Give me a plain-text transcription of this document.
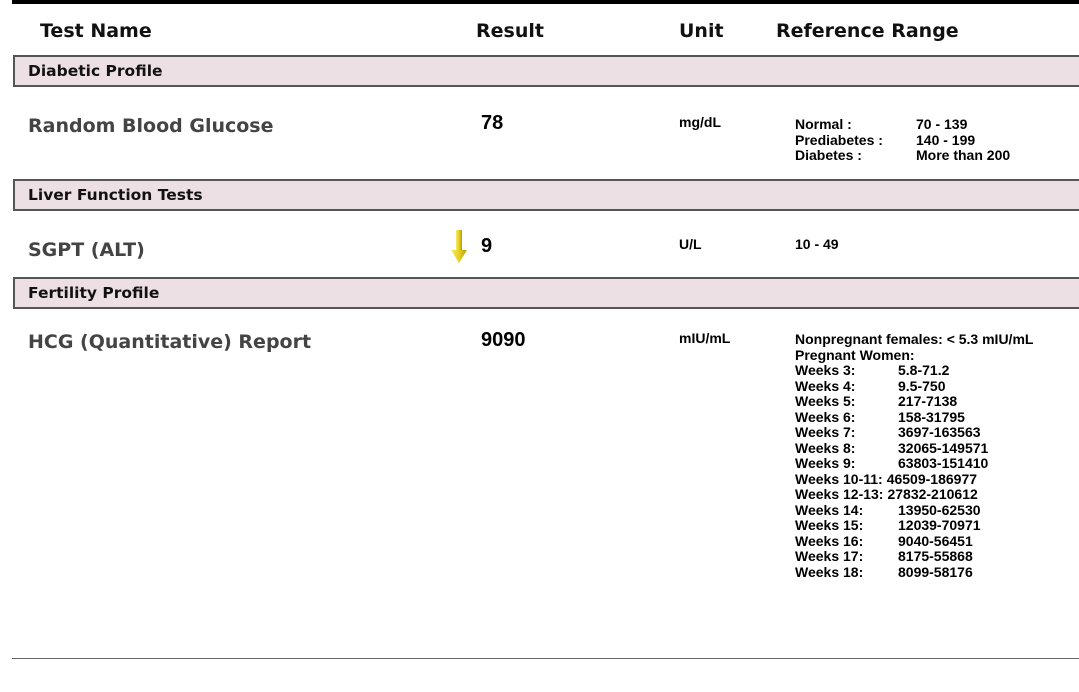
Test Name	Result	Unit	Reference Range
Diabetic Profile
Random Blood Glucose	78	mg/dL	Normal :	70 - 139
Prediabetes : 140 - 199
Diabetes :	More than 200
Liver Function Tests
SGPT (ALT)	9	U/L	10 - 49
Fertility Profile
HCG (Quantitative) Report	9090	mIU/mL	Nonpregnant females: < 5.3 mIU/mL
Pregnant Women:
Weeks 3:	5.8-71.2
Weeks 4:	9.5-750
Weeks 5:	217-7138
Weeks 6:	158-31795
Weeks 7:	3697-163563
Weeks 8:	32065-149571
Weeks 9:	63803-151410
Weeks 10-11: 46509-186977
Weeks 12-13: 27832-210612
Weeks 14: 13950-62530
Weeks 15: 12039-70971
Weeks 16: 9040-56451
Weeks 17: 8175-55868
Weeks 18: 8099-58176
